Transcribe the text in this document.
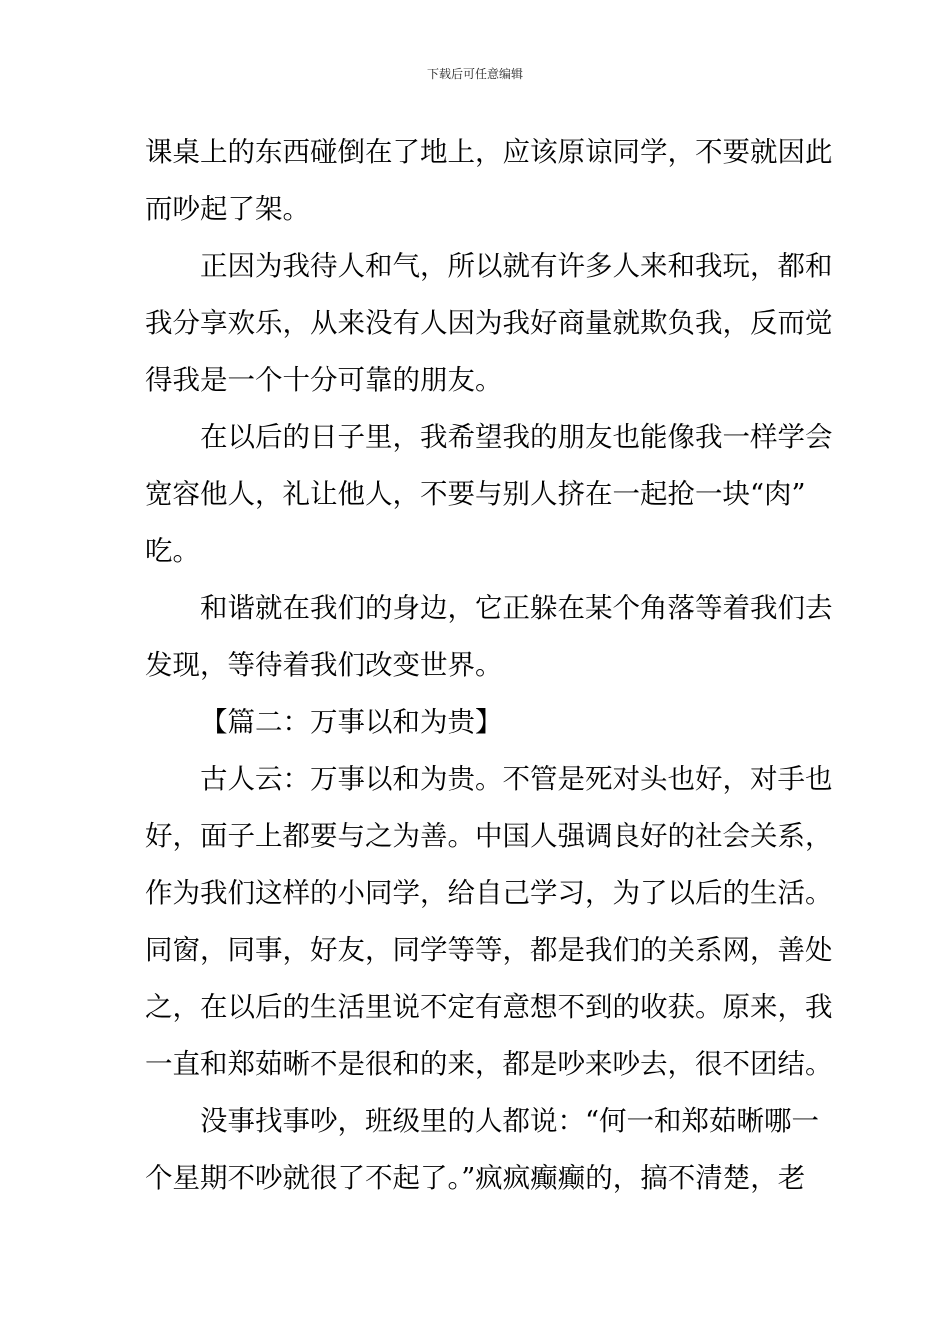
下载后可任意编辑
课桌上的东西碰倒在了地上，应该原谅同学，不要就因此
而吵起了架。
正因为我待人和气，所以就有许多人来和我玩，都和
我分享欢乐，从来没有人因为我好商量就欺负我，反而觉
得我是一个十分可靠的朋友。
在以后的日子里，我希望我的朋友也能像我一样学会
宽容他人，礼让他人，不要与别人挤在一起抢一块“肉”
吃。
和谐就在我们的身边，它正躲在某个角落等着我们去
发现，等待着我们改变世界。
【篇二：万事以和为贵】
古人云：万事以和为贵。不管是死对头也好，对手也
好，面子上都要与之为善。中国人强调良好的社会关系，
作为我们这样的小同学，给自己学习，为了以后的生活。
同窗，同事，好友，同学等等，都是我们的关系网，善处
之，在以后的生活里说不定有意想不到的收获。原来，我
一直和郑茹晰不是很和的来，都是吵来吵去，很不团结。
没事找事吵，班级里的人都说：“何一和郑茹晰哪一
个星期不吵就很了不起了。”疯疯癫癫的，搞不清楚，老
